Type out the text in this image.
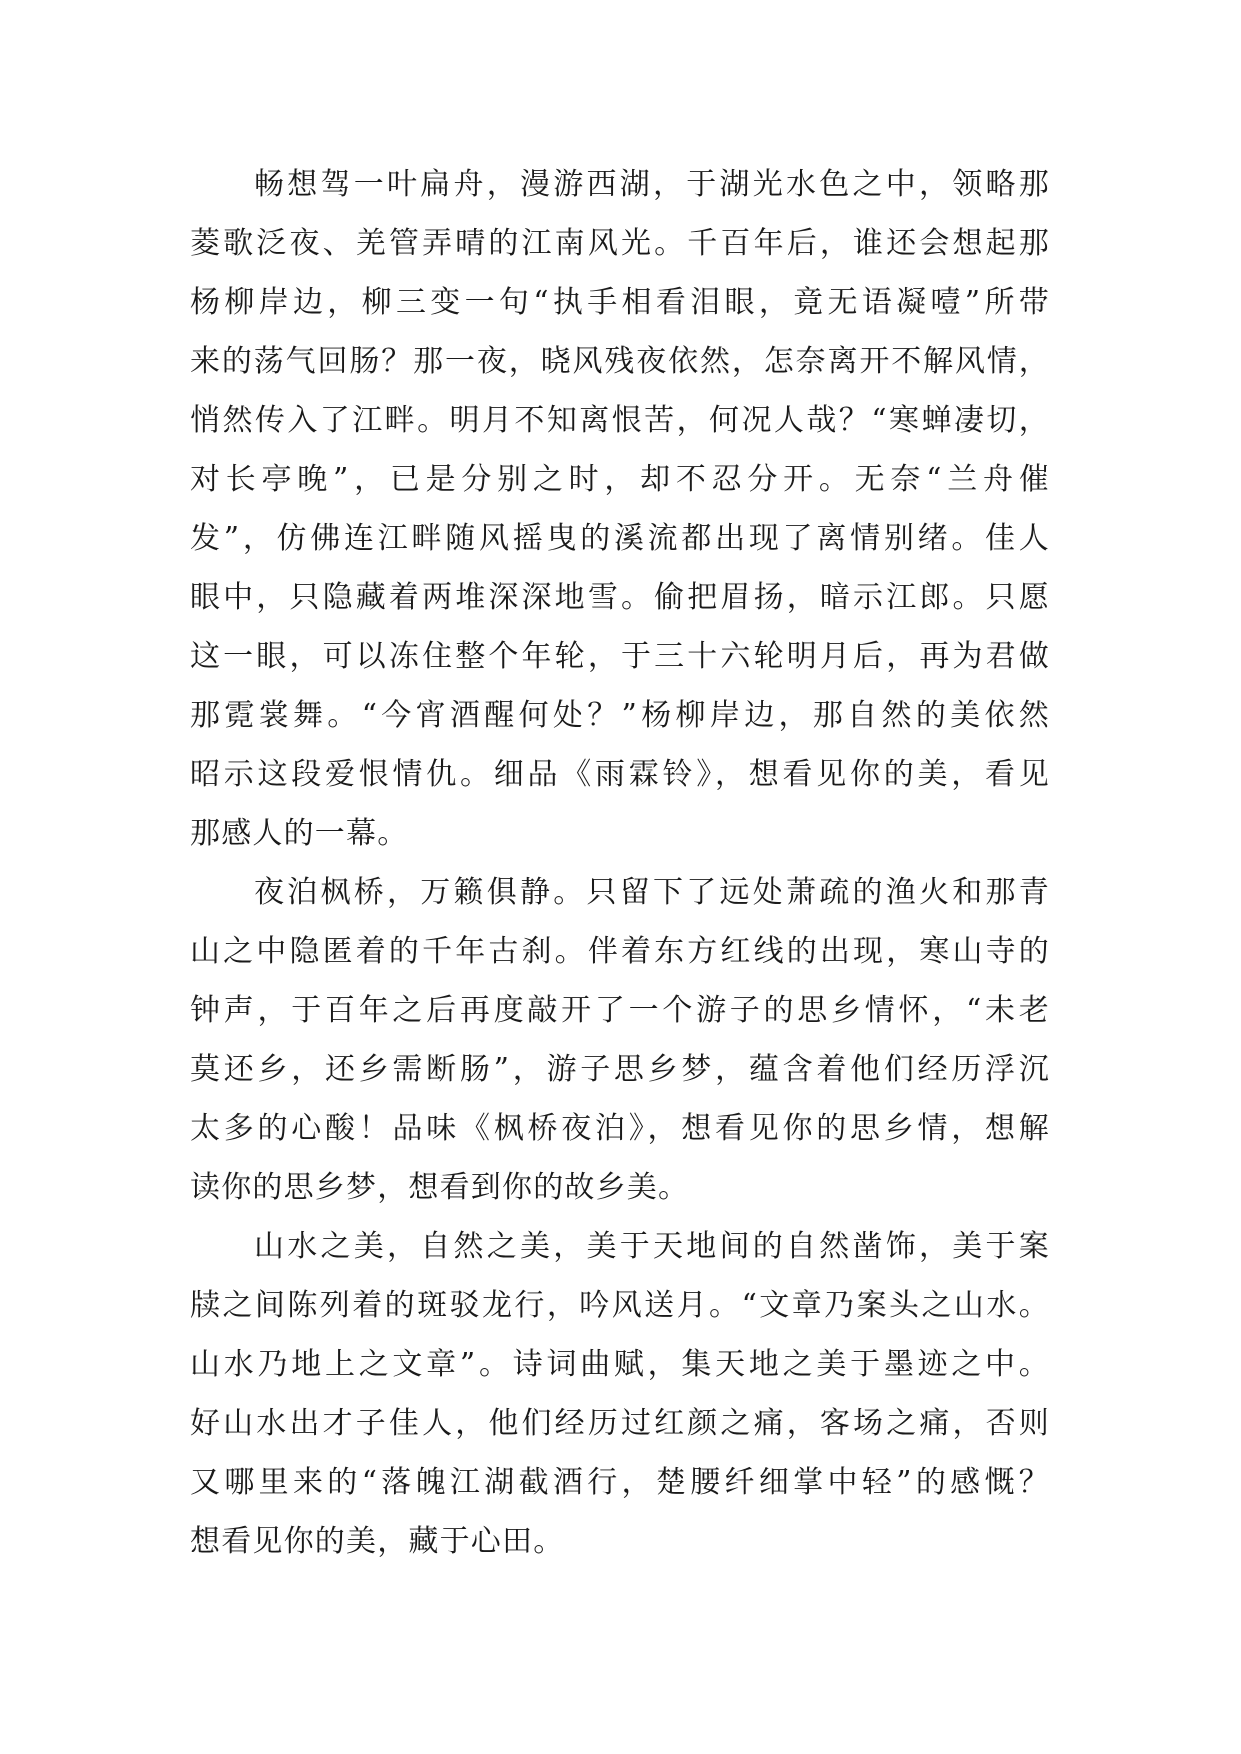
畅想驾一叶扁舟，漫游西湖，于湖光水色之中，领略那
菱歌泛夜、羌管弄晴的江南风光。千百年后，谁还会想起那
杨柳岸边，柳三变一句“执手相看泪眼，竟无语凝噎”所带
来的荡气回肠？那一夜，晓风残夜依然，怎奈离开不解风情，
悄然传入了江畔。明月不知离恨苦，何况人哉？“寒蝉凄切，
对长亭晚”，已是分别之时，却不忍分开。无奈“兰舟催
发”，仿佛连江畔随风摇曳的溪流都出现了离情别绪。佳人
眼中，只隐藏着两堆深深地雪。偷把眉扬，暗示江郎。只愿
这一眼，可以冻住整个年轮，于三十六轮明月后，再为君做
那霓裳舞。“今宵酒醒何处？”杨柳岸边，那自然的美依然
昭示这段爱恨情仇。细品《雨霖铃》，想看见你的美，看见
那感人的一幕。
夜泊枫桥，万籁俱静。只留下了远处萧疏的渔火和那青
山之中隐匿着的千年古刹。伴着东方红线的出现，寒山寺的
钟声，于百年之后再度敲开了一个游子的思乡情怀，“未老
莫还乡，还乡需断肠”，游子思乡梦，蕴含着他们经历浮沉
太多的心酸！品味《枫桥夜泊》，想看见你的思乡情，想解
读你的思乡梦，想看到你的故乡美。
山水之美，自然之美，美于天地间的自然凿饰，美于案
牍之间陈列着的斑驳龙行，吟风送月。“文章乃案头之山水。
山水乃地上之文章”。诗词曲赋，集天地之美于墨迹之中。
好山水出才子佳人，他们经历过红颜之痛，客场之痛，否则
又哪里来的“落魄江湖截酒行，楚腰纤细掌中轻”的感慨？
想看见你的美，藏于心田。
